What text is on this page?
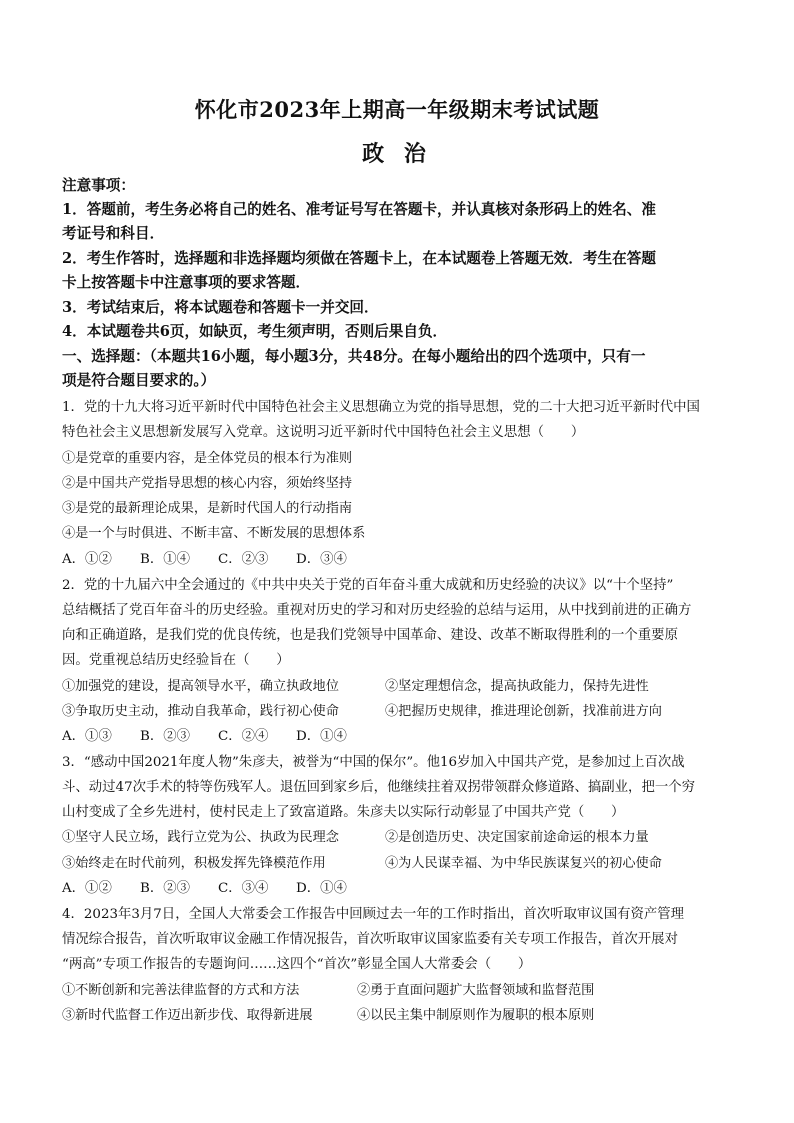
怀化市2023年上期高一年级期末考试试题
政 治
注意事项：
1．答题前，考生务必将自己的姓名、准考证号写在答题卡，并认真核对条形码上的姓名、准
考证号和科目．
2．考生作答时，选择题和非选择题均须做在答题卡上，在本试题卷上答题无效．考生在答题
卡上按答题卡中注意事项的要求答题．
3．考试结束后，将本试题卷和答题卡一并交回．
4．本试题卷共6页，如缺页，考生须声明，否则后果自负．
一、选择题：（本题共16小题，每小题3分，共48分。在每小题给出的四个选项中，只有一
项是符合题目要求的。）
1．党的十九大将习近平新时代中国特色社会主义思想确立为党的指导思想，党的二十大把习近平新时代中国
特色社会主义思想新发展写入党章。这说明习近平新时代中国特色社会主义思想（　　）
①是党章的重要内容，是全体党员的根本行为准则
②是中国共产党指导思想的核心内容，须始终坚持
③是党的最新理论成果，是新时代国人的行动指南
④是一个与时俱进、不断丰富、不断发展的思想体系
A．①② B．①④ C．②③ D．③④
2．党的十九届六中全会通过的《中共中央关于党的百年奋斗重大成就和历史经验的决议》以“十个坚持”
总结概括了党百年奋斗的历史经验。重视对历史的学习和对历史经验的总结与运用，从中找到前进的正确方
向和正确道路，是我们党的优良传统，也是我们党领导中国革命、建设、改革不断取得胜利的一个重要原
因。党重视总结历史经验旨在（　　）
①加强党的建设，提高领导水平，确立执政地位	②坚定理想信念，提高执政能力，保持先进性
③争取历史主动，推动自我革命，践行初心使命	④把握历史规律，推进理论创新，找准前进方向
A．①③ B．②③ C．②④ D．①④
3．“感动中国2021年度人物”朱彦夫，被誉为“中国的保尔”。他16岁加入中国共产党，是参加过上百次战
斗、动过47次手术的特等伤残军人。退伍回到家乡后，他继续拄着双拐带领群众修道路、搞副业，把一个穷
山村变成了全乡先进村，使村民走上了致富道路。朱彦夫以实际行动彰显了中国共产党（　　）
①坚守人民立场，践行立党为公、执政为民理念	②是创造历史、决定国家前途命运的根本力量
③始终走在时代前列，积极发挥先锋模范作用	④为人民谋幸福、为中华民族谋复兴的初心使命
A．①② B．②③ C．③④ D．①④
4．2023年3月7日，全国人大常委会工作报告中回顾过去一年的工作时指出，首次听取审议国有资产管理
情况综合报告，首次听取审议金融工作情况报告，首次听取审议国家监委有关专项工作报告，首次开展对
“两高”专项工作报告的专题询问……这四个“首次”彰显全国人大常委会（　　）
①不断创新和完善法律监督的方式和方法	②勇于直面问题扩大监督领域和监督范围
③新时代监督工作迈出新步伐、取得新进展	④以民主集中制原则作为履职的根本原则
